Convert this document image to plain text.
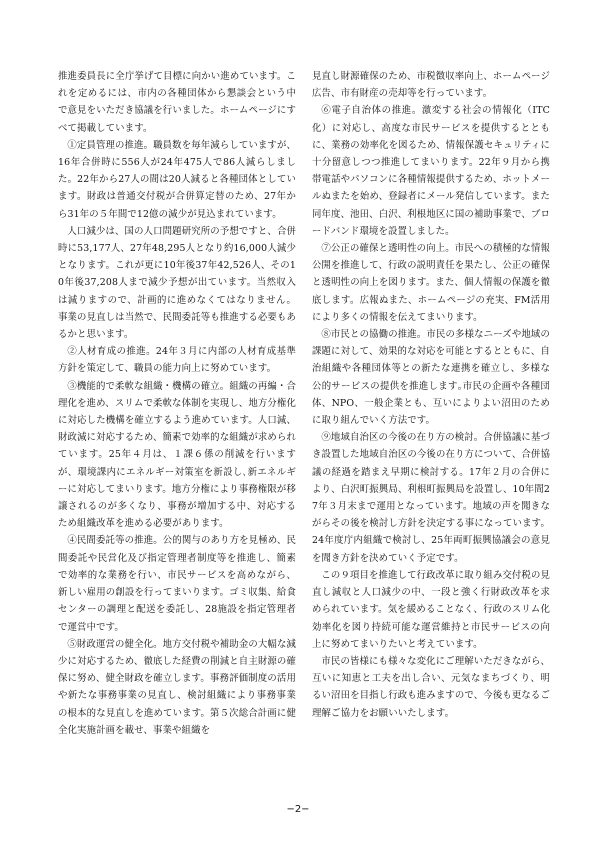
推進委員長に全庁挙げて目標に向かい進めています。これを定めるには、市内の各種団体から懇談会という中で意見をいただき協議を行いました。ホームページにすべて掲載しています。

①定員管理の推進。職員数を毎年減らしていますが、16年合併時に556人が24年475人で86人減らしました。22年から27人の間は20人減ると各種団体としています。財政は普通交付税が合併算定替のため、27年から31年の５年間で12億の減少が見込まれています。

人口減少は、国の人口問題研究所の予想ですと、合併時に53,177人、27年48,295人となり約16,000人減少となります。これが更に10年後37年42,526人、その10年後37,208人まで減少予想が出ています。当然収入は減りますので、計画的に進めなくてはなりません。事業の見直しは当然で、民間委託等も推進する必要もあるかと思います。

②人材育成の推進。24年３月に内部の人材育成基準方針を策定して、職員の能力向上に努めています。

③機能的で柔軟な組織・機構の確立。組織の再編・合理化を進め、スリムで柔軟な体制を実現し、地方分権化に対応した機構を確立するよう進めています。人口減、財政減に対応するため、簡素で効率的な組織が求められています。25年４月は、１課６係の削減を行いますが、環境課内にエネルギー対策室を新設し､新エネルギーに対応してまいります。地方分権により事務権限が移譲されるのが多くなり、事務が増加する中、対応するため組織改革を進める必要があります。

④民間委託等の推進。公的関与のあり方を見極め、民間委託や民営化及び指定管理者制度等を推進し、簡素で効率的な業務を行い、市民サービスを高めながら、新しい雇用の創設を行ってまいります。ゴミ収集、給食センターの調理と配送を委託し、28施設を指定管理者で運営中です。

⑤財政運営の健全化。地方交付税や補助金の大幅な減少に対応するため、徹底した経費の削減と自主財源の確保に努め、健全財政を確立します。事務評価制度の活用や新たな事務事業の見直し、検討組織により事務事業の根本的な見直しを進めています。第５次総合計画に健全化実施計画を載せ、事業や組織を

見直し財源確保のため、市税徴収率向上、ホームページ広告、市有財産の売却等を行っています。

⑥電子自治体の推進。激変する社会の情報化（ITC化）に対応し、高度な市民サービスを提供するとともに、業務の効率化を図るため、情報保護セキュリティに十分留意しつつ推進してまいります。22年９月から携帯電話やパソコンに各種情報提供するため、ホットメールぬまたを始め、登録者にメール発信しています。また同年度、池田、白沢、利根地区に国の補助事業で、ブロードバンド環境を設置しました。

⑦公正の確保と透明性の向上。市民への積極的な情報公開を推進して、行政の説明責任を果たし、公正の確保と透明性の向上を図ります。また、個人情報の保護を徹底します。広報ぬまた、ホームページの充実、FM活用により多くの情報を伝えてまいります。

⑧市民との協働の推進。市民の多様なニーズや地域の課題に対して、効果的な対応を可能とするとともに、自治組織や各種団体等との新たな連携を確立し、多様な公的サービスの提供を推進します｡市民の企画や各種団体、NPO、一般企業とも、互いによりよい沼田のために取り組んでいく方法です。

⑨地域自治区の今後の在り方の検討。合併協議に基づき設置した地域自治区の今後の在り方について、合併協議の経過を踏まえ早期に検討する。17年２月の合併により、白沢町振興局、利根町振興局を設置し、10年間27年３月末まで運用となっています。地域の声を聞きながらその後を検討し方針を決定する事になっています。24年度庁内組織で検討し、25年両町振興協議会の意見を聞き方針を決めていく予定です。

この９項目を推進して行政改革に取り組み交付税の見直し減収と人口減少の中、一段と強く行財政改革を求められています。気を緩めることなく、行政のスリム化効率化を図り持続可能な運営維持と市民サービスの向上に努めてまいりたいと考えています。

市民の皆様にも様々な変化にご理解いただきながら、互いに知恵と工夫を出し合い、元気なまちづくり、明るい沼田を目指し行政も進みますので、今後も更なるご理解ご協力をお願いいたします。

−2−
